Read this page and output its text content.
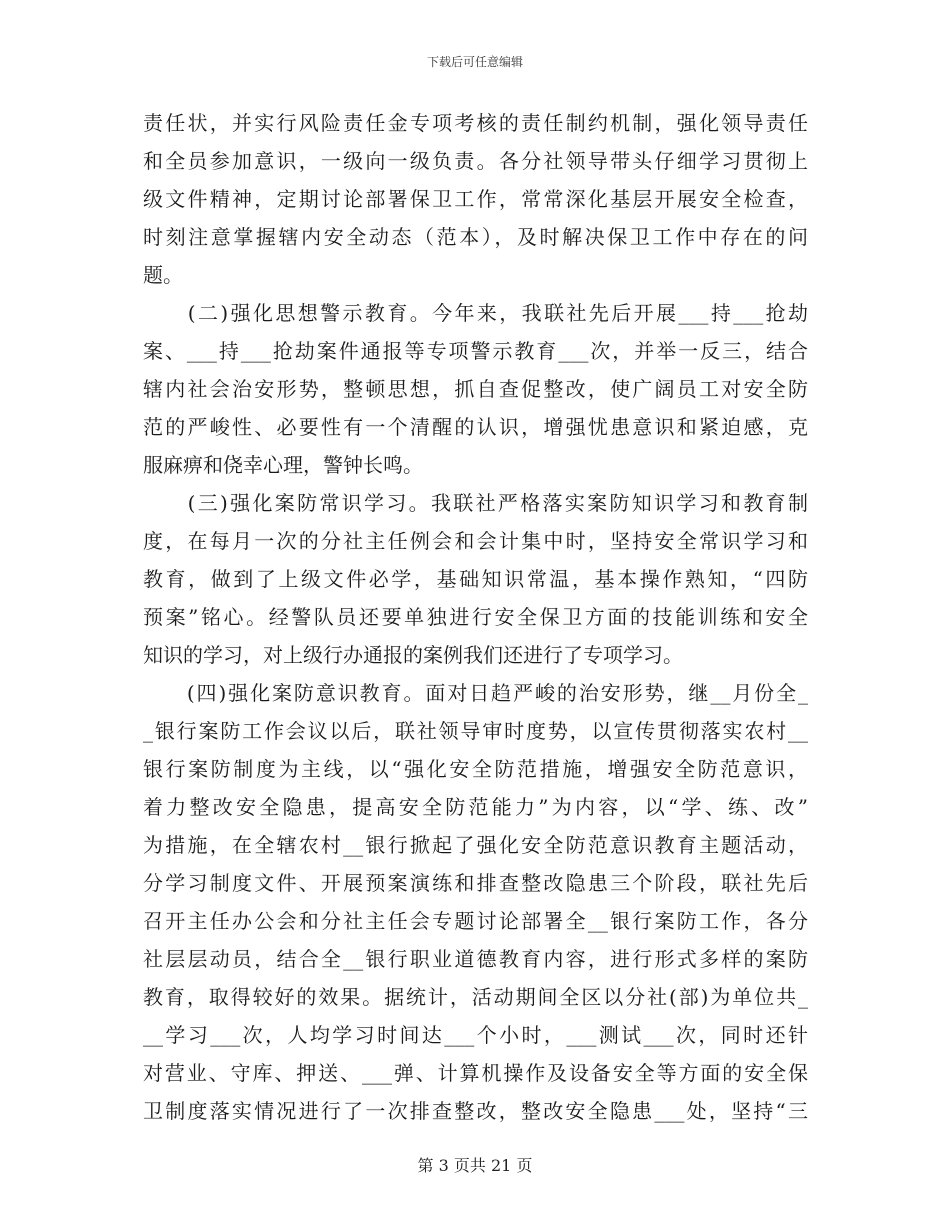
下载后可任意编辑
责任状，并实行风险责任金专项考核的责任制约机制，强化领导责任
和全员参加意识，一级向一级负责。各分社领导带头仔细学习贯彻上
级文件精神，定期讨论部署保卫工作，常常深化基层开展安全检查，
时刻注意掌握辖内安全动态（范本），及时解决保卫工作中存在的问
题。
　　(二)强化思想警示教育。今年来，我联社先后开展___持___抢劫
案、___持___抢劫案件通报等专项警示教育___次，并举一反三，结合
辖内社会治安形势，整顿思想，抓自查促整改，使广阔员工对安全防
范的严峻性、必要性有一个清醒的认识，增强忧患意识和紧迫感，克
服麻痹和侥幸心理，警钟长鸣。
　　(三)强化案防常识学习。我联社严格落实案防知识学习和教育制
度，在每月一次的分社主任例会和会计集中时，坚持安全常识学习和
教育，做到了上级文件必学，基础知识常温，基本操作熟知，“四防
预案”铭心。经警队员还要单独进行安全保卫方面的技能训练和安全
知识的学习，对上级行办通报的案例我们还进行了专项学习。
　　(四)强化案防意识教育。面对日趋严峻的治安形势，继__月份全_
_银行案防工作会议以后，联社领导审时度势，以宣传贯彻落实农村__
银行案防制度为主线，以“强化安全防范措施，增强安全防范意识，
着力整改安全隐患，提高安全防范能力”为内容，以“学、练、改”
为措施，在全辖农村__银行掀起了强化安全防范意识教育主题活动，
分学习制度文件、开展预案演练和排查整改隐患三个阶段，联社先后
召开主任办公会和分社主任会专题讨论部署全__银行案防工作，各分
社层层动员，结合全__银行职业道德教育内容，进行形式多样的案防
教育，取得较好的效果。据统计，活动期间全区以分社(部)为单位共_
__学习___次，人均学习时间达___个小时，___测试___次，同时还针
对营业、守库、押送、___弹、计算机操作及设备安全等方面的安全保
卫制度落实情况进行了一次排查整改，整改安全隐患___处，坚持“三
第 3 页共 21 页
